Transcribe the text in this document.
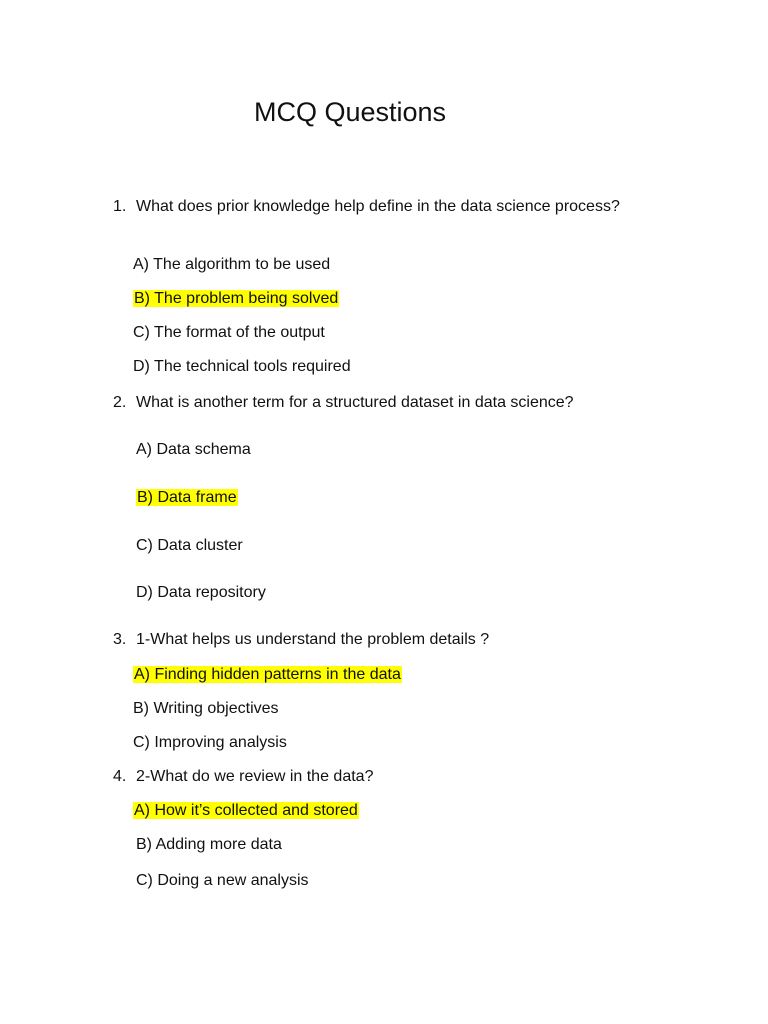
MCQ Questions
1. What does prior knowledge help define in the data science process?
A) The algorithm to be used
B) The problem being solved
C) The format of the output
D) The technical tools required
2. What is another term for a structured dataset in data science?
A) Data schema
B) Data frame
C) Data cluster
D) Data repository
3. 1-What helps us understand the problem details ?
A) Finding hidden patterns in the data
B) Writing objectives
C) Improving analysis
4. 2-What do we review in the data?
A) How it’s collected and stored
B) Adding more data
C) Doing a new analysis
